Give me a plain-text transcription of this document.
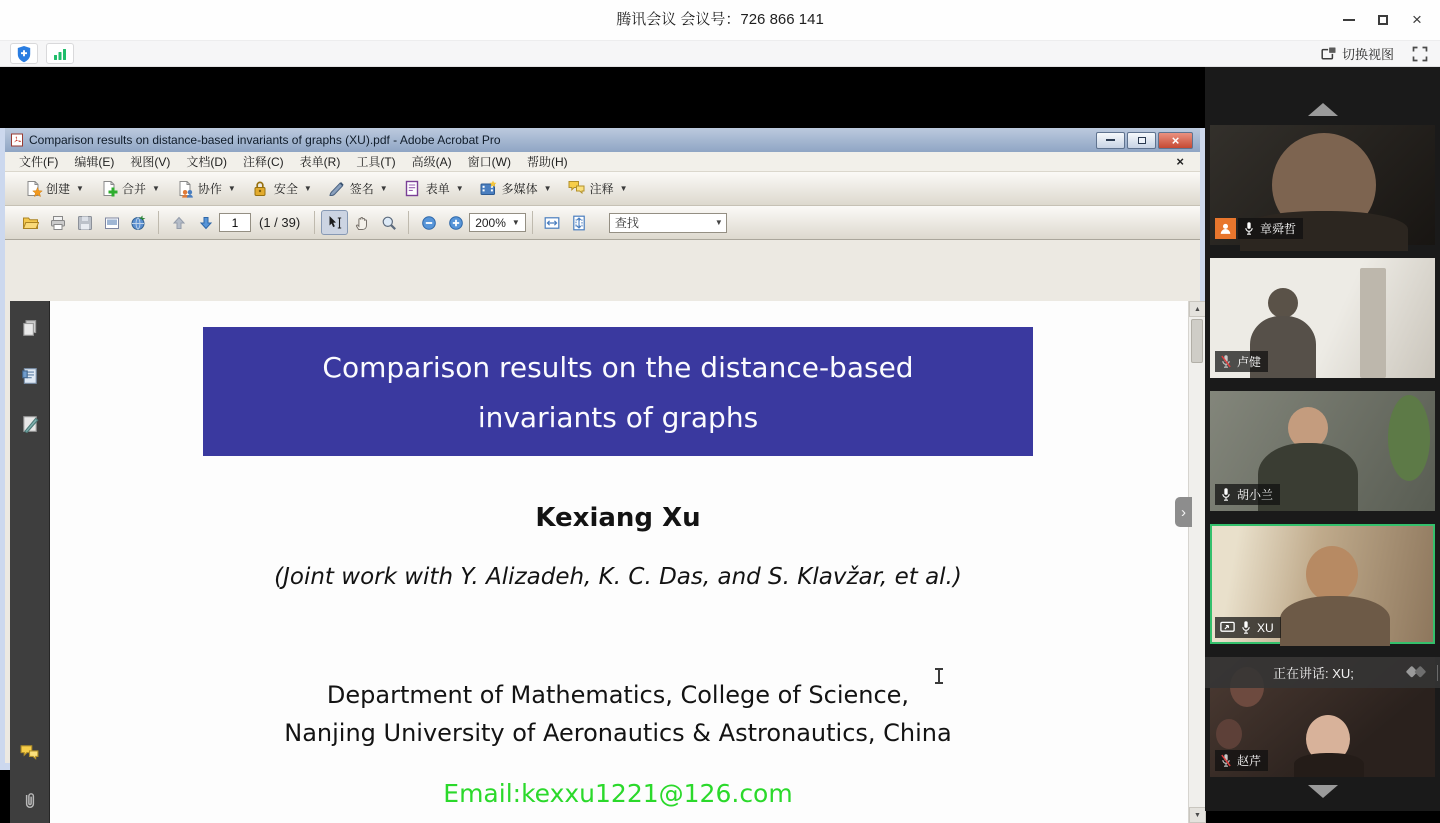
腾讯会议 会议号：726 866 141	×
切换视图
Comparison results on distance-based invariants of graphs (XU).pdf - Adobe Acrobat Pro	×
文件(F)	编辑(E)	视图(V)	文档(D)	注释(C)	表单(R)	工具(T)	高级(A)	窗口(W)	帮助(H)	×
创建 ▼	合并 ▼	协作 ▼	安全 ▼	签名 ▼	表单 ▼	多媒体 ▼	注释 ▼
1
(1 / 39)	200% ▼
查找	▼
Comparison results on the distance-based
invariants of graphs
Kexiang Xu
(Joint work with Y. Alizadeh, K. C. Das, and S. Klavžar, et al.)
Department of Mathematics, College of Science,
Nanjing University of Aeronautics & Astronautics, China
Email:kexxu1221@126.com
▲
▼
›
章舜哲
卢健
胡小兰
XU
赵芹
正在讲话: XU;
